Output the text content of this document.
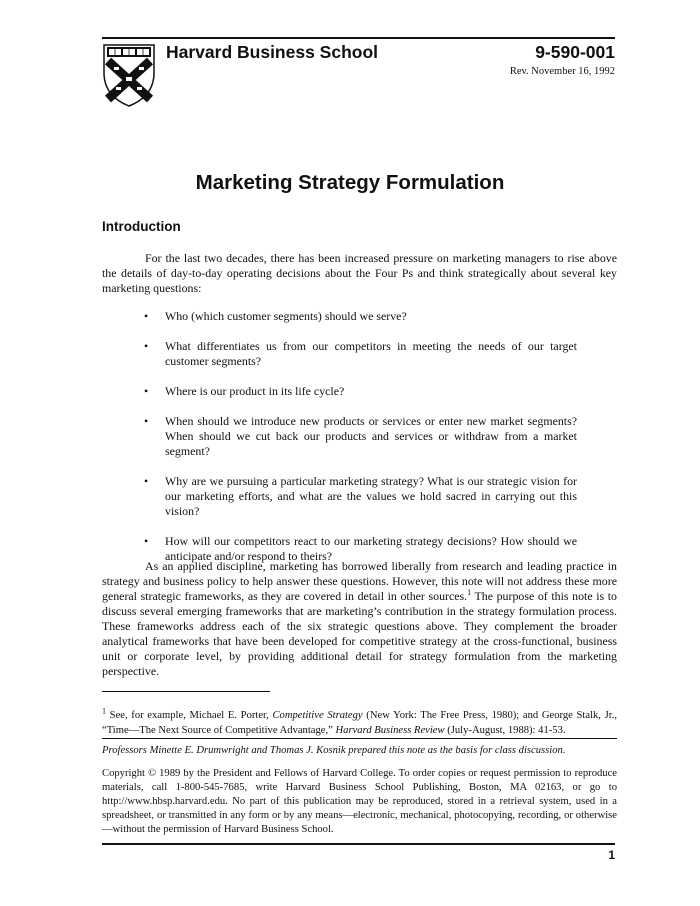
Harvard Business School	9-590-001
Rev. November 16, 1992
Marketing Strategy Formulation
Introduction

For the last two decades, there has been increased pressure on marketing managers to rise above the details of day-to-day operating decisions about the Four Ps and think strategically about several key marketing questions:

• Who (which customer segments) should we serve?
• What differentiates us from our competitors in meeting the needs of our target customer segments?
• Where is our product in its life cycle?
• When should we introduce new products or services or enter new market segments? When should we cut back our products and services or withdraw from a market segment?
• Why are we pursuing a particular marketing strategy? What is our strategic vision for our marketing efforts, and what are the values we hold sacred in carrying out this vision?
• How will our competitors react to our marketing strategy decisions? How should we anticipate and/or respond to theirs?

As an applied discipline, marketing has borrowed liberally from research and leading practice in strategy and business policy to help answer these questions. However, this note will not address these more general strategic frameworks, as they are covered in detail in other sources.$^1$ The purpose of this note is to discuss several emerging frameworks that are marketing’s contribution in the strategy formulation process. These frameworks address each of the six strategic questions above. They complement the broader analytical frameworks that have been developed for competitive strategy at the cross-functional, business unit or corporate level, by providing additional detail for strategy formulation from the marketing perspective.

$^1$ See, for example, Michael E. Porter, Competitive Strategy (New York: The Free Press, 1980); and George Stalk, Jr., “Time—The Next Source of Competitive Advantage,” Harvard Business Review (July-August, 1988): 41-53.

Professors Minette E. Drumwright and Thomas J. Kosnik prepared this note as the basis for class discussion.

Copyright © 1989 by the President and Fellows of Harvard College. To order copies or request permission to reproduce materials, call 1-800-545-7685, write Harvard Business School Publishing, Boston, MA 02163, or go to http://www.hbsp.harvard.edu. No part of this publication may be reproduced, stored in a retrieval system, used in a spreadsheet, or transmitted in any form or by any means—electronic, mechanical, photocopying, recording, or otherwise—without the permission of Harvard Business School.

1
